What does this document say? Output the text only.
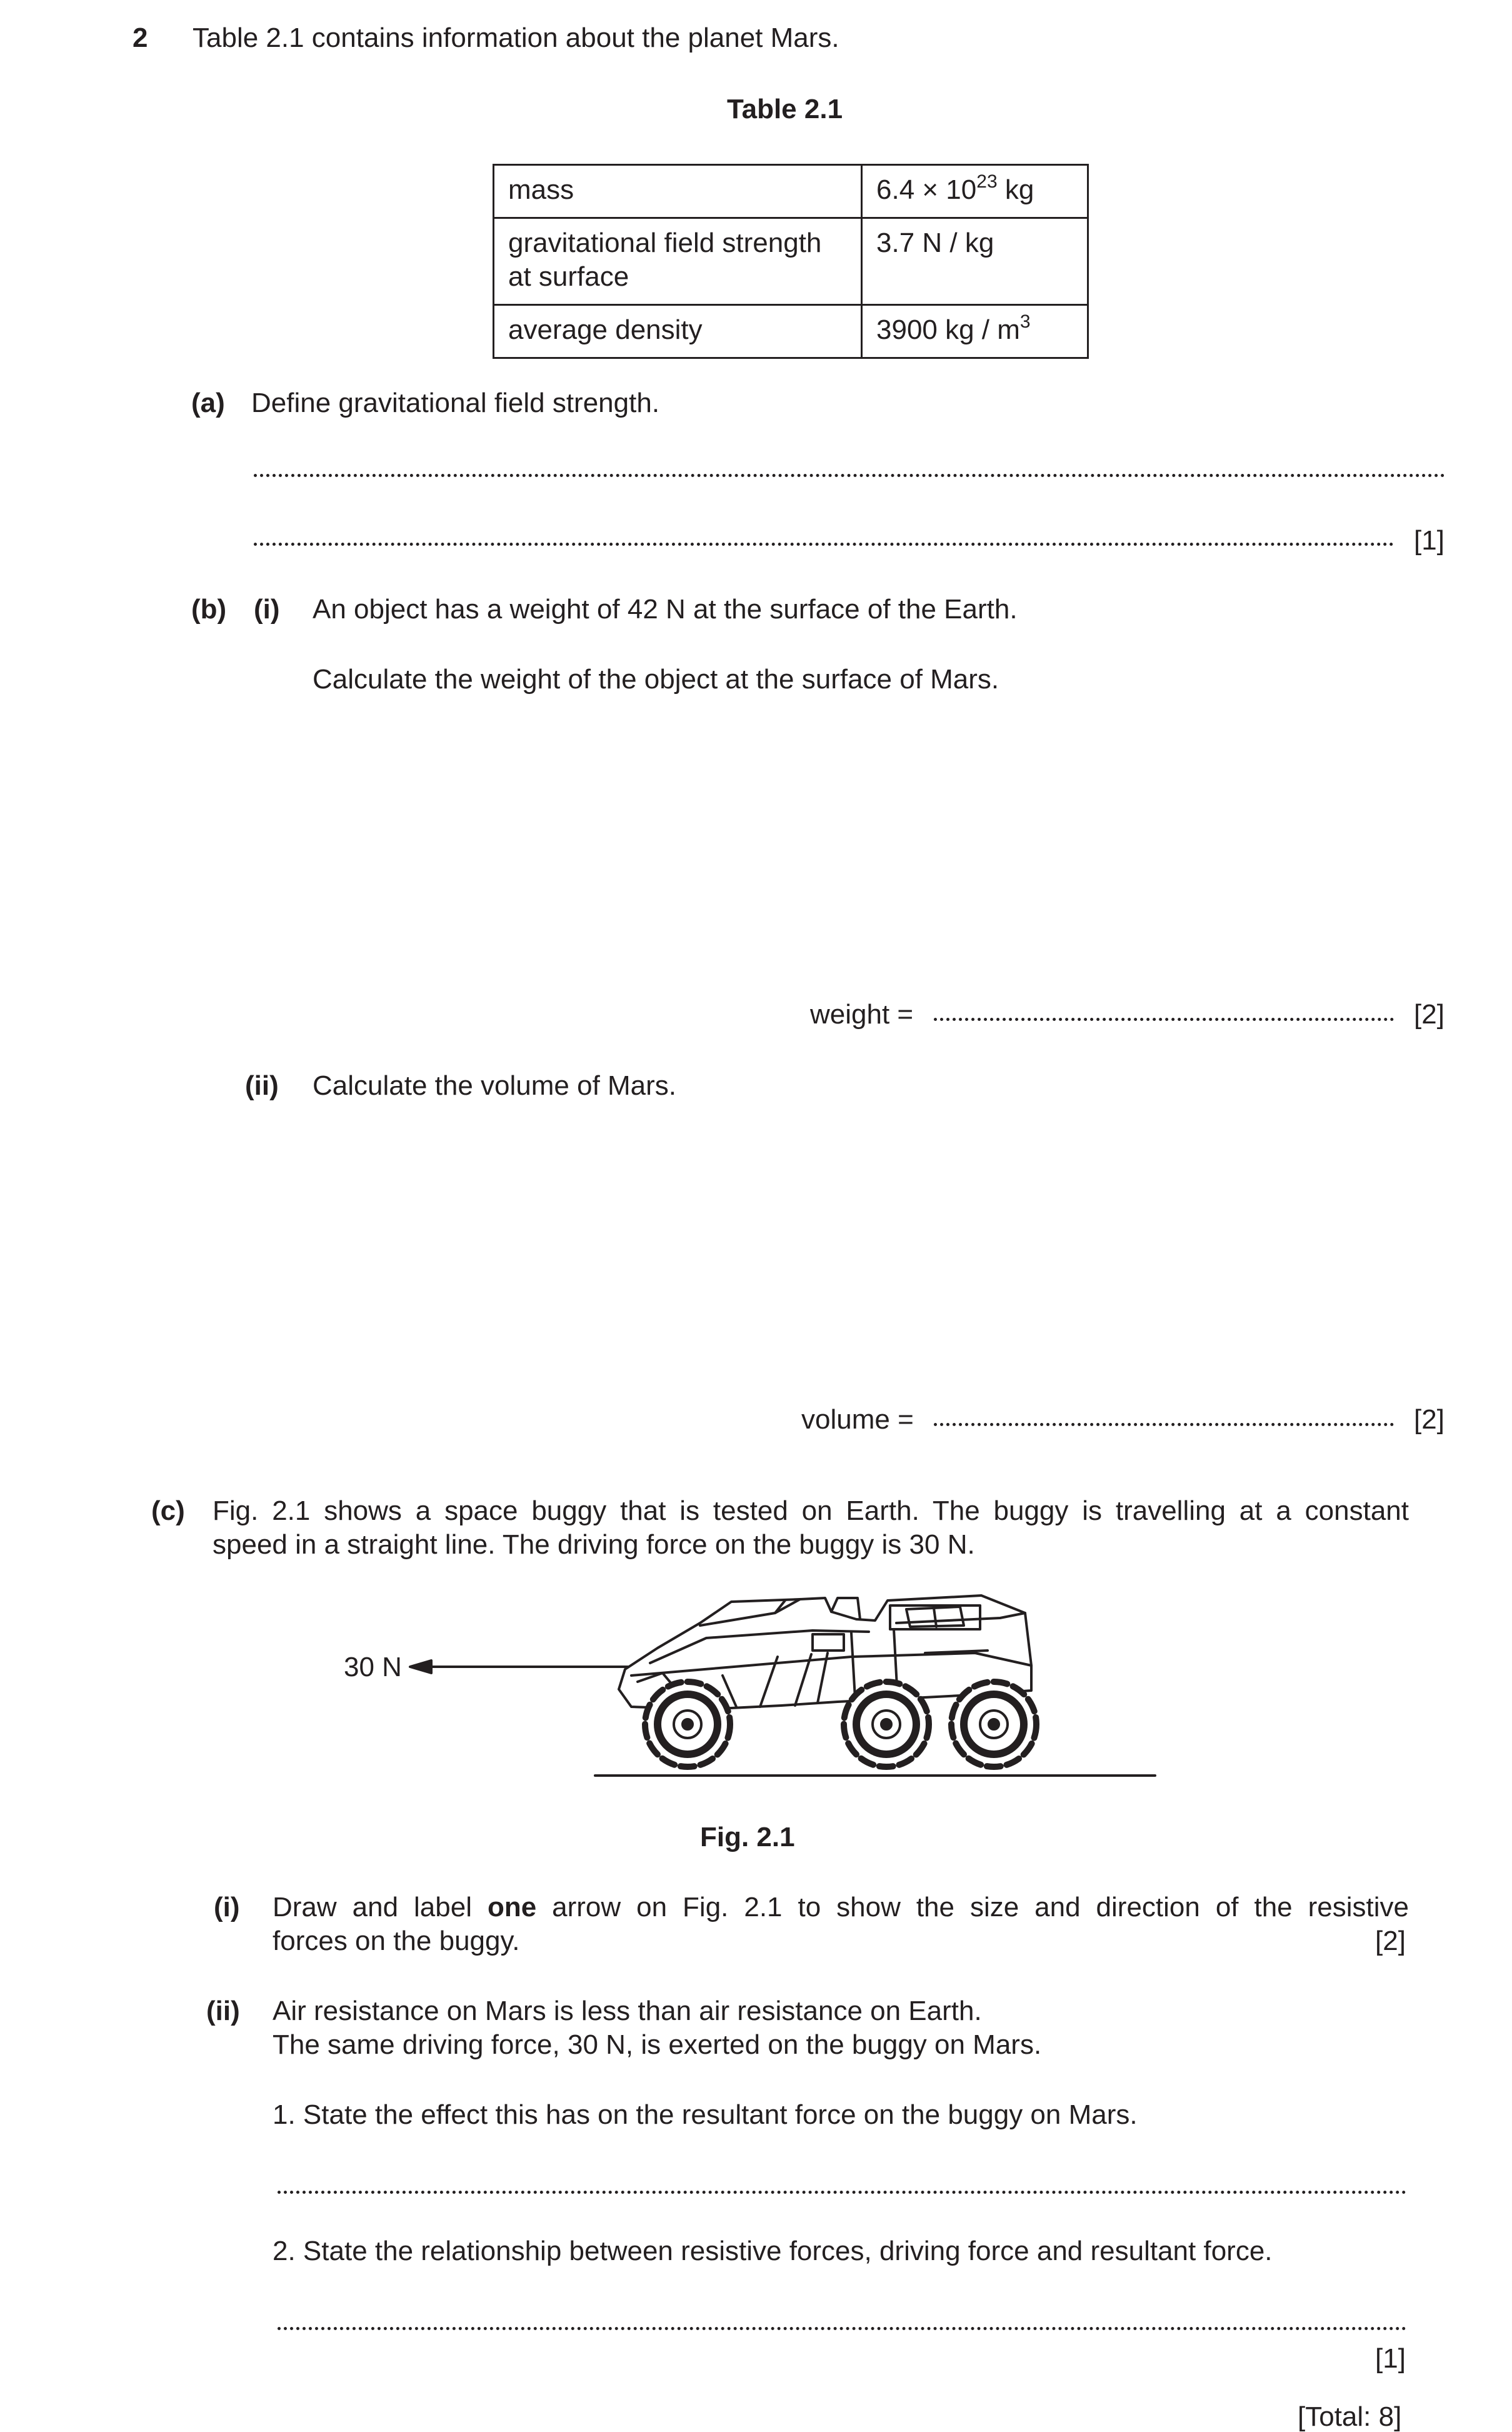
2 Table 2.1 contains information about the planet Mars.
Table 2.1
mass	$6.4 \times 10^{23}$ kg
gravitational field strength
at surface	3.7 N / kg
average density	3900 kg / $m^3$
(a) Define gravitational field strength.
[1]
(b) (i) An object has a weight of 42 N at the surface of the Earth.
Calculate the weight of the object at the surface of Mars.
weight =	[2]
(ii) Calculate the volume of Mars.
volume =	[2]
(c) Fig. 2.1 shows a space buggy that is tested on Earth. The buggy is travelling at a constant
speed in a straight line. The driving force on the buggy is 30 N.
30 N
Fig. 2.1
(i) Draw and label one arrow on Fig. 2.1 to show the size and direction of the resistive
forces on the buggy.	[2]
(ii) Air resistance on Mars is less than air resistance on Earth.
The same driving force, 30 N, is exerted on the buggy on Mars.
1. State the effect this has on the resultant force on the buggy on Mars.
2. State the relationship between resistive forces, driving force and resultant force.
[1]
[Total: 8]
